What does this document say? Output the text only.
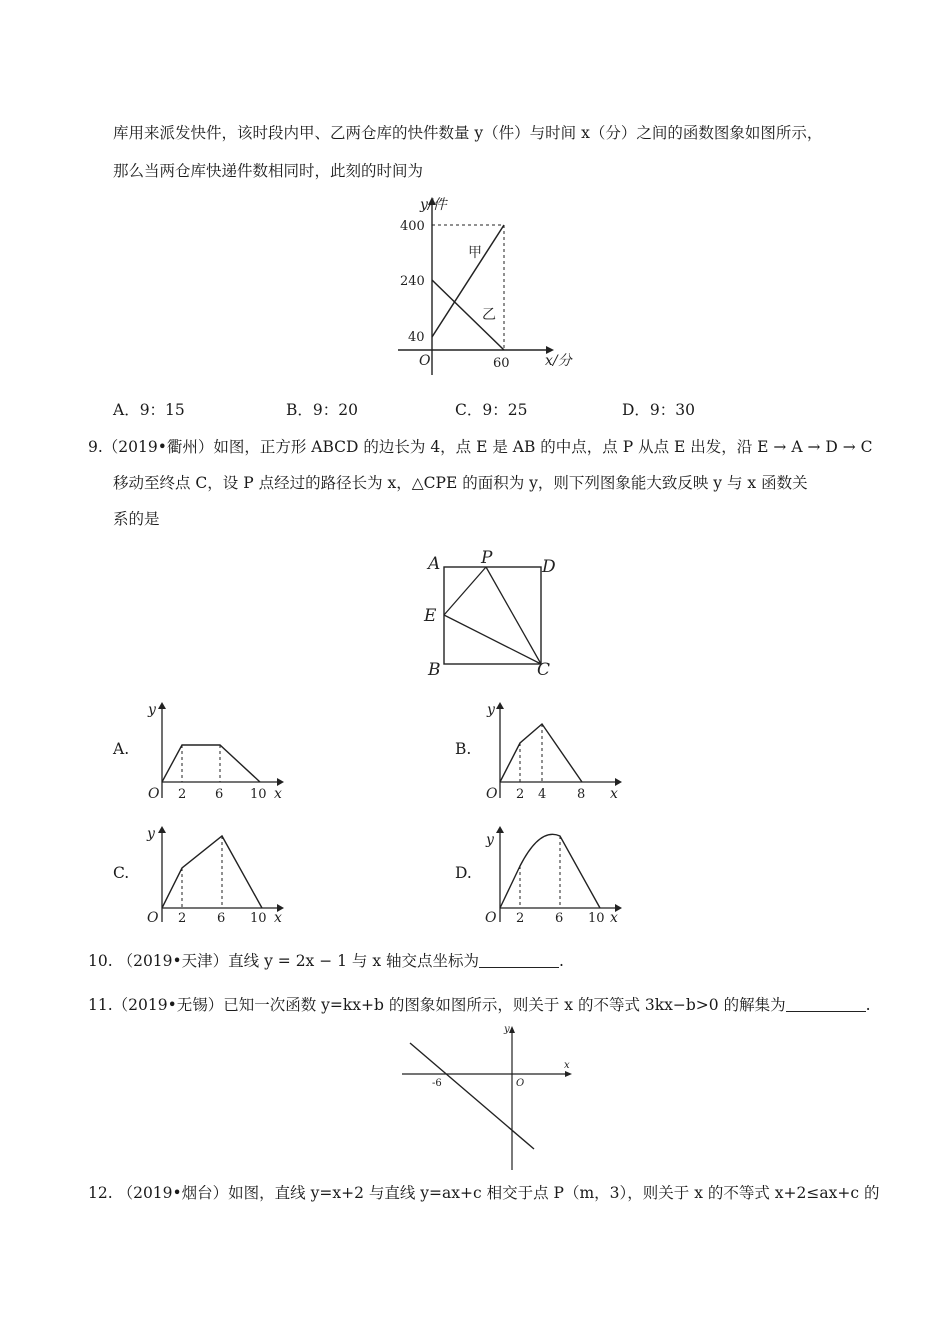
库用来派发快件，该时段内甲、乙两仓库的快件数量 y（件）与时间 x（分）之间的函数图象如图所示，
那么当两仓库快递件数相同时，此刻的时间为
y/件
400
240
40
O	60	x/分
甲
乙
A．9：15	B．9：20	C．9：25	D．9：30
9.（2019•衢州）如图，正方形 ABCD 的边长为 4，点 E 是 AB 的中点，点 P 从点 E 出发，沿 E → A → D → C
移动至终点 C，设 P 点经过的路径长为 x，△CPE 的面积为 y，则下列图象能大致反映 y 与 x 函数关
系的是
A P	D
E
B	C
A.
y
O 2 6 10 x
B.
y
O 2 4 8 x
C.
y
O 2 6 10 x
D.
y
O 2 6 10 x
10. （2019•天津）直线 y = 2x − 1 与 x 轴交点坐标为	.
11.（2019•无锡）已知一次函数 y=kx+b 的图象如图所示，则关于 x 的不等式 3kx−b>0 的解集为	.
y
x
O
-6
12. （2019•烟台）如图，直线 y=x+2 与直线 y=ax+c 相交于点 P（m，3），则关于 x 的不等式 x+2≤ax+c 的
